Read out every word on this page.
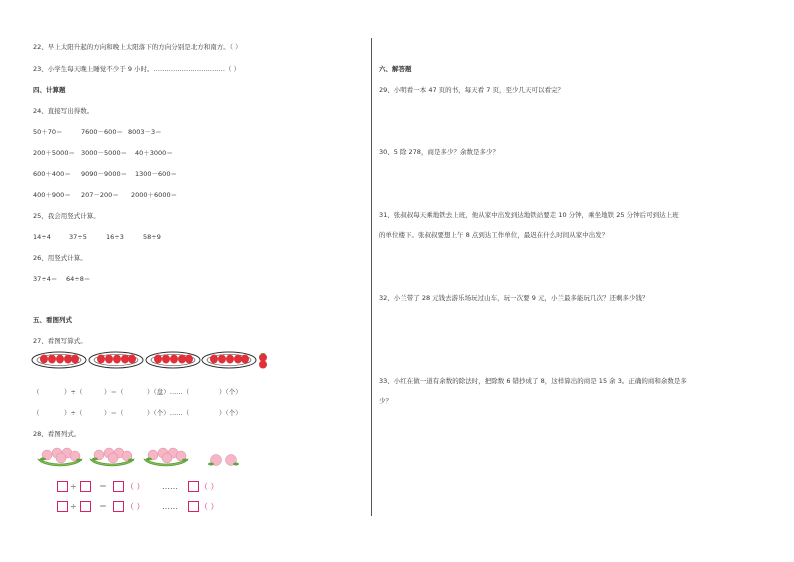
22、早上太阳升起的方向和晚上太阳落下的方向分别是北方和南方。（ ）
23、小学生每天晚上睡觉不少于 9 小时。……………………………（ ）
四、计算题
24、直接写出得数。
50＋70＝	7600－600＝ 8003－3＝
200＋5000＝ 3000－5000＝ 40＋3000＝
600＋400＝ 9090－9000＝ 1300－600＝
400＋900＝ 207－200＝ 2000＋6000＝
25、我会用竖式计算。
14÷4	37÷5	16÷3	58÷9
26、用竖式计算。
37÷4＝ 64÷8＝
五、看图列式
27、看图写算式。
（	）÷（	）＝（	）（盘）……（	）（个）
（	）÷（	）＝（	）（个）……（	）（个）
28、看图列式。
÷	＝ （ ） ……	（ ）
÷	＝ （ ） ……	（ ）
六、解答题
29、小明看一本 47 页的书，每天看 7 页，至少几天可以看完？
30、5 除 278，商是多少？余数是多少？
31、张叔叔每天乘地铁去上班，他从家中出发到达地铁站要走 10 分钟，乘坐地铁 25 分钟后可到达上班
的单位楼下。张叔叔要想上午 8 点到达工作单位，最迟在什么时间从家中出发？
32、小兰带了 28 元钱去游乐场玩过山车，玩一次要 9 元，小兰最多能玩几次？还剩多少钱？
33、小红在做一道有余数的除法时，把除数 6 错抄成了 8，这样算出的商是 15 余 3。正确的商和余数是多
少？
